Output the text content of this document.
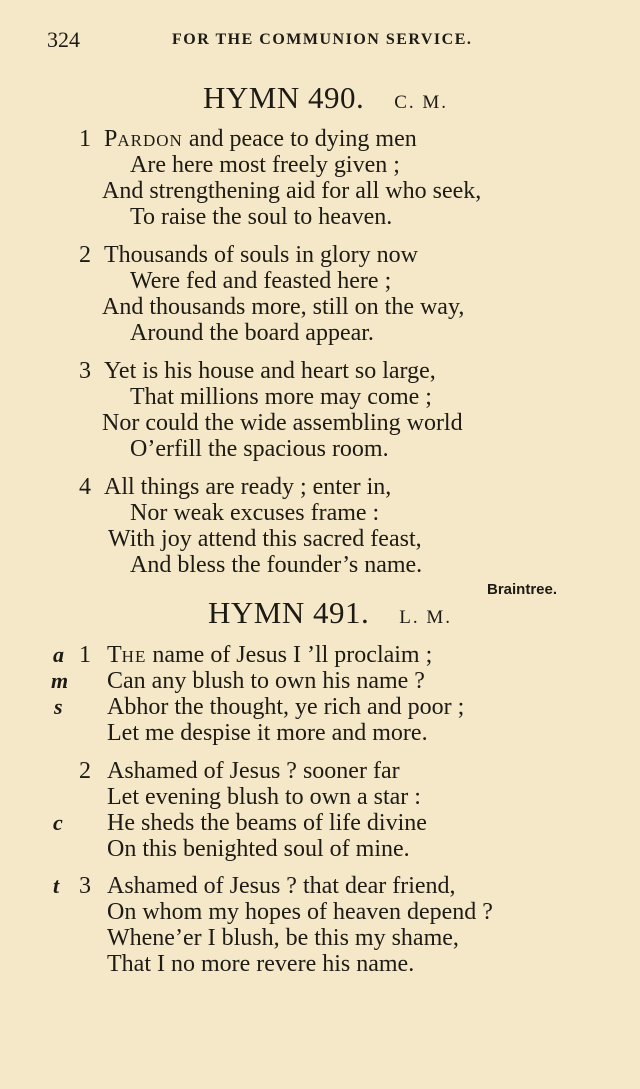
324	FOR THE COMMUNION SERVICE.
HYMN 490. C. M.
1 PARDON and peace to dying men
Are here most freely given ;
And strengthening aid for all who seek,
To raise the soul to heaven.
2 Thousands of souls in glory now
Were fed and feasted here ;
And thousands more, still on the way,
Around the board appear.
3 Yet is his house and heart so large,
That millions more may come ;
Nor could the wide assembling world
O’erfill the spacious room.
4 All things are ready ; enter in,
Nor weak excuses frame :
With joy attend this sacred feast,
And bless the founder’s name.
Braintree.
HYMN 491. L. M.
a 1 THE name of Jesus I ’ll proclaim ;
m Can any blush to own his name ?
s Abhor the thought, ye rich and poor ;
Let me despise it more and more.
2 Ashamed of Jesus ? sooner far
Let evening blush to own a star :
c He sheds the beams of life divine
On this benighted soul of mine.
t 3 Ashamed of Jesus ? that dear friend,
On whom my hopes of heaven depend ?
Whene’er I blush, be this my shame,
That I no more revere his name.
